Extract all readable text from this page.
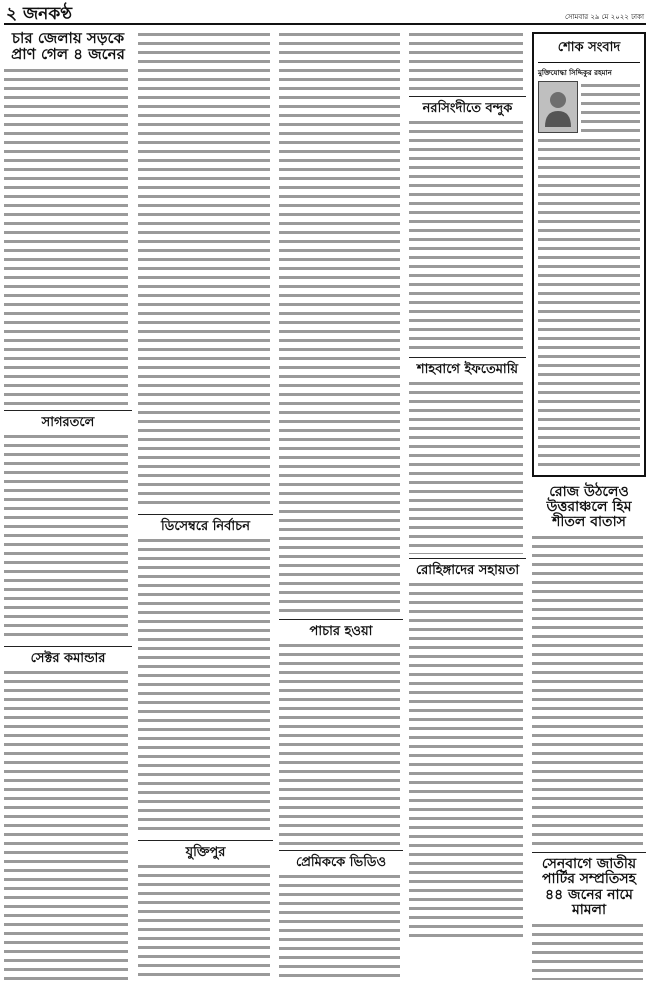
২ জনকণ্ঠ	সোমবার ২৯ মে ২০২২ ঢাকা
চার জেলায় সড়কে প্রাণ গেল ৪ জনের
সাগরতলে
সেক্টর কমান্ডার
ডিসেম্বরে নির্বাচন
যুক্তিপুর
পাচার হওয়া
প্রেমিককে ভিডিও
নরসিংদীতে বন্দুক
শাহবাগে ইফতেমায়ি
রোহিঙ্গাদের সহায়তা
শোক সংবাদ
মুক্তিযোদ্ধা সিদ্দিকুর রহমান
রোজ উঠলেও উত্তরাঞ্চলে হিম শীতল বাতাস
সেনবাগে জাতীয় পার্টির সম্প্রতিসহ ৪৪ জনের নামে মামলা
